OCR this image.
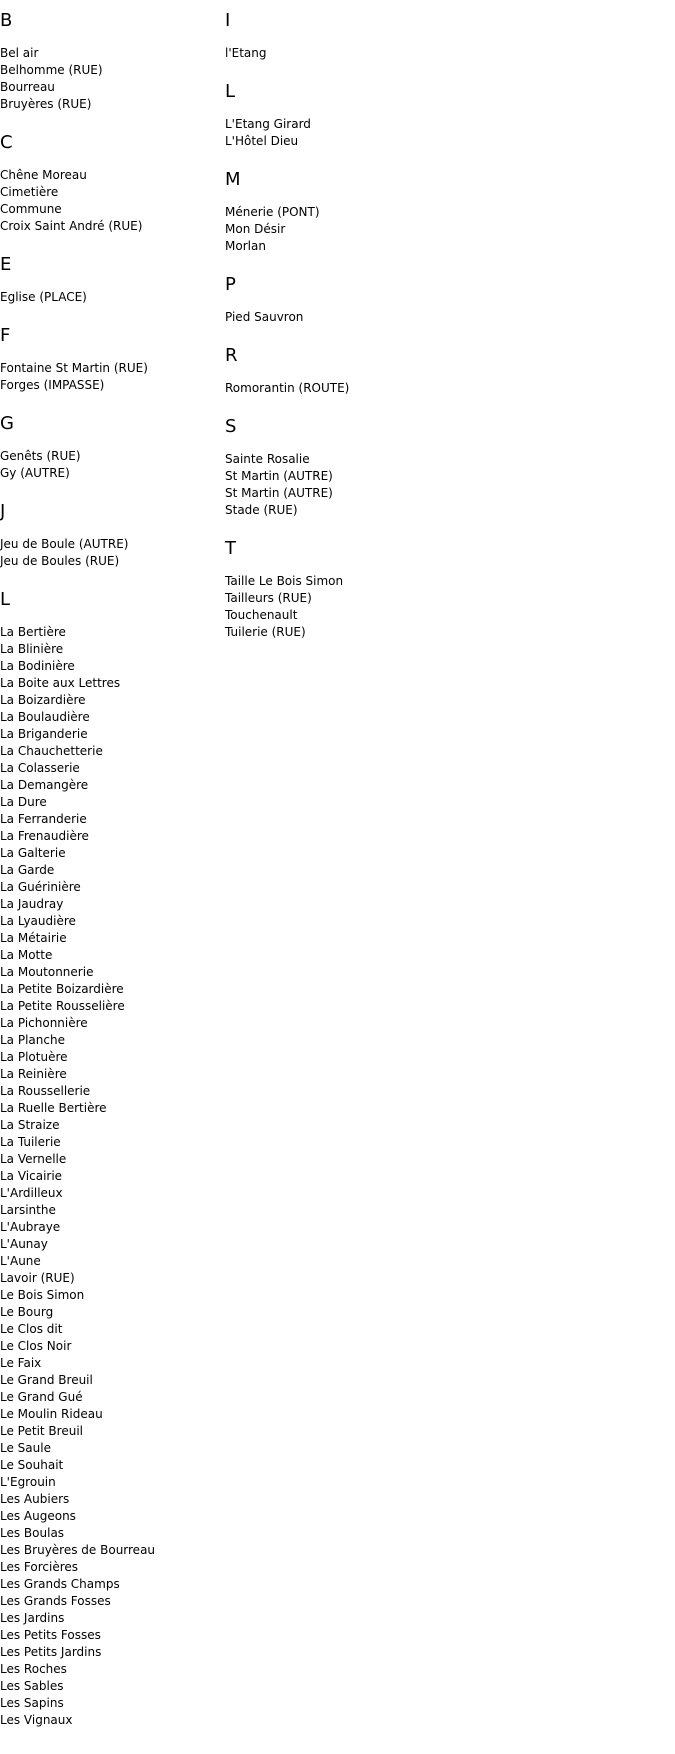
B
Bel air
Belhomme (RUE)
Bourreau
Bruyères (RUE)
C
Chêne Moreau
Cimetière
Commune
Croix Saint André (RUE)
E
Eglise (PLACE)
F
Fontaine St Martin (RUE)
Forges (IMPASSE)
G
Genêts (RUE)
Gy (AUTRE)
J
Jeu de Boule (AUTRE)
Jeu de Boules (RUE)
L
La Bertière
La Blinière
La Bodinière
La Boite aux Lettres
La Boizardière
La Boulaudière
La Briganderie
La Chauchetterie
La Colasserie
La Demangère
La Dure
La Ferranderie
La Frenaudière
La Galterie
La Garde
La Guérinière
La Jaudray
La Lyaudière
La Métairie
La Motte
La Moutonnerie
La Petite Boizardière
La Petite Rousselière
La Pichonnière
La Planche
La Plotuère
La Reinière
La Roussellerie
La Ruelle Bertière
La Straize
La Tuilerie
La Vernelle
La Vicairie
L'Ardilleux
Larsinthe
L'Aubraye
L'Aunay
L'Aune
Lavoir (RUE)
Le Bois Simon
Le Bourg
Le Clos dit
Le Clos Noir
Le Faix
Le Grand Breuil
Le Grand Gué
Le Moulin Rideau
Le Petit Breuil
Le Saule
Le Souhait
L'Egrouin
Les Aubiers
Les Augeons
Les Boulas
Les Bruyères de Bourreau
Les Forcières
Les Grands Champs
Les Grands Fosses
Les Jardins
Les Petits Fosses
Les Petits Jardins
Les Roches
Les Sables
Les Sapins
Les Vignaux
I
l'Etang
L
L'Etang Girard
L'Hôtel Dieu
M
Ménerie (PONT)
Mon Désir
Morlan
P
Pied Sauvron
R
Romorantin (ROUTE)
S
Sainte Rosalie
St Martin (AUTRE)
St Martin (AUTRE)
Stade (RUE)
T
Taille Le Bois Simon
Tailleurs (RUE)
Touchenault
Tuilerie (RUE)
